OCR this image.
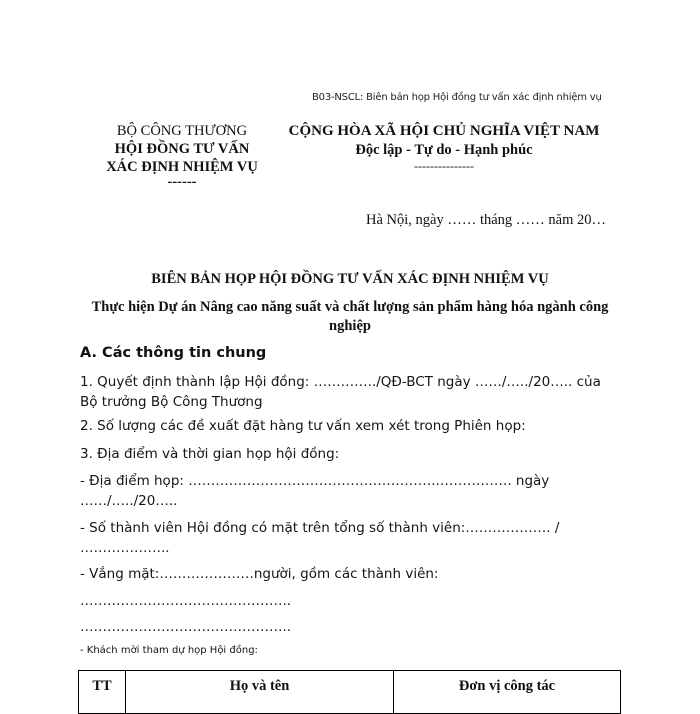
B03-NSCL: Biên bản họp Hội đồng tư vấn xác định nhiệm vụ
BỘ CÔNG THƯƠNG
HỘI ĐỒNG TƯ VẤN
XÁC ĐỊNH NHIỆM VỤ
------
CỘNG HÒA XÃ HỘI CHỦ NGHĨA VIỆT NAM
Độc lập - Tự do - Hạnh phúc
---------------
Hà Nội, ngày …… tháng …… năm 20…
BIÊN BẢN HỌP HỘI ĐỒNG TƯ VẤN XÁC ĐỊNH NHIỆM VỤ
Thực hiện Dự án Nâng cao năng suất và chất lượng sản phẩm hàng hóa ngành công nghiệp
A. Các thông tin chung
1. Quyết định thành lập Hội đồng: …………../QĐ-BCT ngày ……/…../20….. của Bộ trưởng Bộ Công Thương
2. Số lượng các đề xuất đặt hàng tư vấn xem xét trong Phiên họp:
3. Địa điểm và thời gian họp hội đồng:
- Địa điểm họp: ………………………………………………..……………. ngày ……/…../20…..
- Số thành viên Hội đồng có mặt trên tổng số thành viên:………………. / ………………..
- Vắng mặt:…………………người, gồm các thành viên:
………………………………………..
………………………………………..
- Khách mời tham dự họp Hội đồng:
TT	Họ và tên	Đơn vị công tác
